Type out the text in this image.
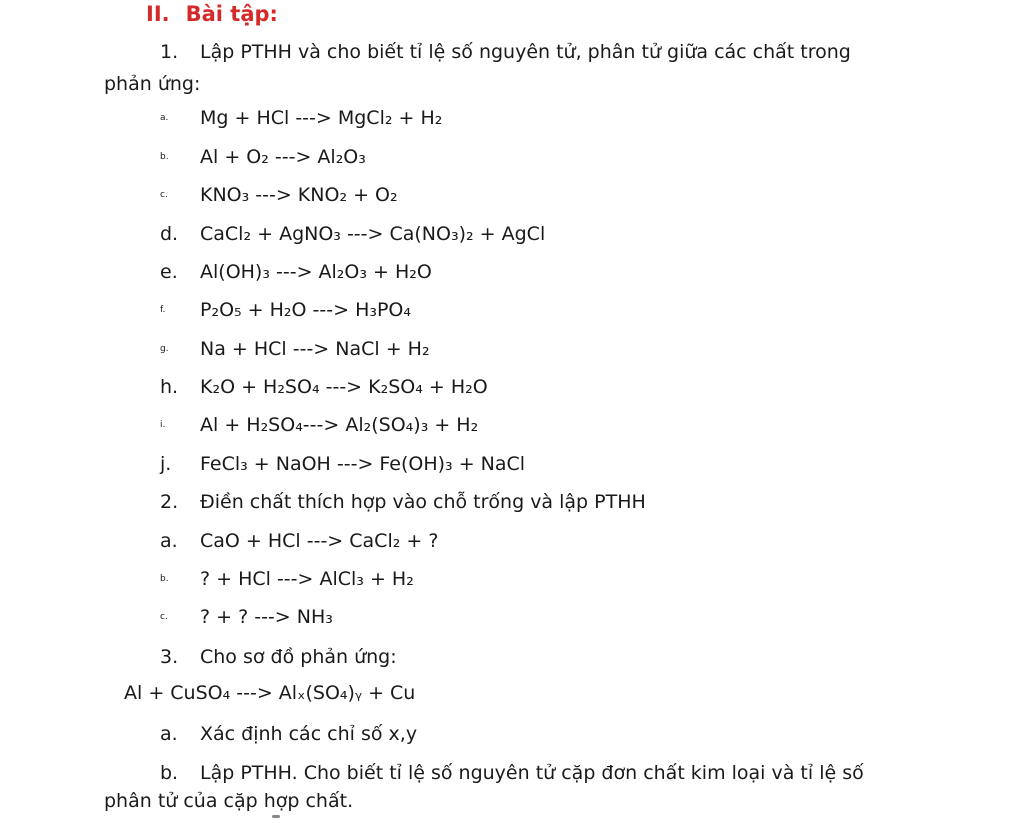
II. Bài tập:
1. Lập PTHH và cho biết tỉ lệ số nguyên tử, phân tử giữa các chất trong
phản ứng:
a. Mg + HCl ---> MgCl₂ + H₂
b. Al + O₂ ---> Al₂O₃
c. KNO₃ ---> KNO₂ + O₂
d. CaCl₂ + AgNO₃ ---> Ca(NO₃)₂ + AgCl
e. Al(OH)₃ ---> Al₂O₃ + H₂O
f. P₂O₅ + H₂O ---> H₃PO₄
g. Na + HCl ---> NaCl + H₂
h. K₂O + H₂SO₄ ---> K₂SO₄ + H₂O
i. Al + H₂SO₄---> Al₂(SO₄)₃ + H₂
j. FeCl₃ + NaOH ---> Fe(OH)₃ + NaCl
2. Điền chất thích hợp vào chỗ trống và lập PTHH
a. CaO + HCl ---> CaCl₂ + ?
b. ? + HCl ---> AlCl₃ + H₂
c. ? + ? ---> NH₃
3. Cho sơ đồ phản ứng:
Al + CuSO₄ ---> Alₓ(SO₄)ᵧ + Cu
a. Xác định các chỉ số x,y
b. Lập PTHH. Cho biết tỉ lệ số nguyên tử cặp đơn chất kim loại và tỉ lệ số
phân tử của cặp hợp chất.
